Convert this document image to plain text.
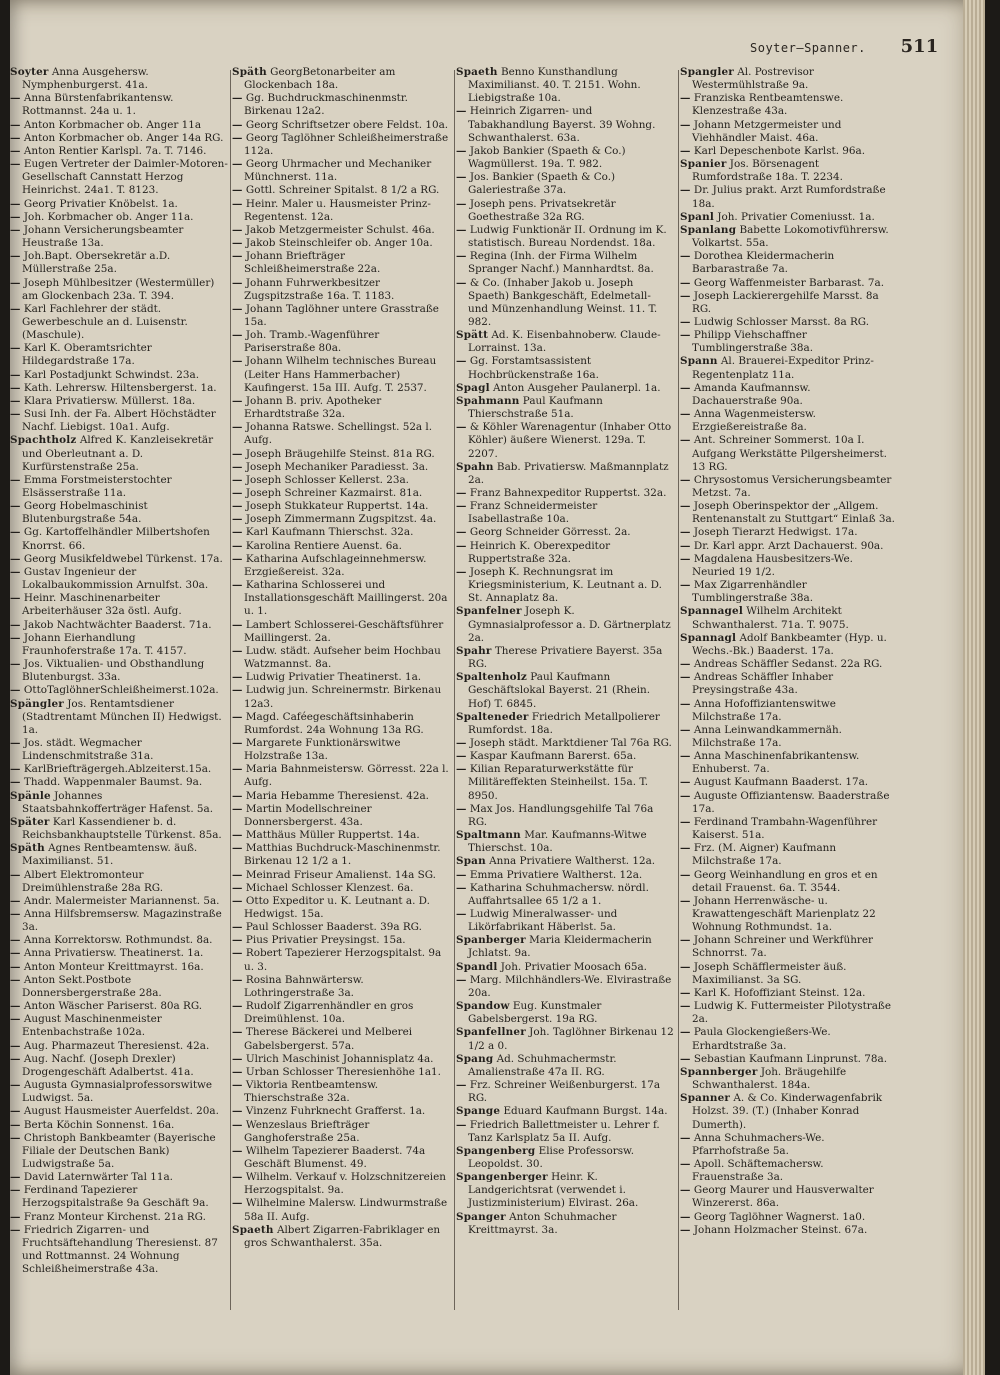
Soyter—Spanner. 511

Soyter Anna Ausgehersw. Nymphenburgerst. 41a.

— Anna Bürstenfabrikantensw. Rottmannst. 24a u. 1.

— Anton Korbmacher ob. Anger 11a

— Anton Korbmacher ob. Anger 14a RG.

— Anton Rentier Karlspl. 7a. T. 7146.

— Eugen Vertreter der Daimler-Motoren-Gesellschaft Cannstatt Herzog Heinrichst. 24a1. T. 8123.

— Georg Privatier Knöbelst. 1a.

— Joh. Korbmacher ob. Anger 11a.

— Johann Versicherungsbeamter Heustraße 13a.

— Joh.Bapt. Obersekretär a.D. Müllerstraße 25a.

— Joseph Mühlbesitzer (Westermüller) am Glockenbach 23a. T. 394.

— Karl Fachlehrer der städt. Gewerbeschule an d. Luisenstr. (Maschule).

— Karl K. Oberamtsrichter Hildegardstraße 17a.

— Karl Postadjunkt Schwindst. 23a.

— Kath. Lehrersw. Hiltensbergerst. 1a.

— Klara Privatiersw. Müllerst. 18a.

— Susi Inh. der Fa. Albert Höchstädter Nachf. Liebigst. 10a1. Aufg.

Spachtholz Alfred K. Kanzleisekretär und Oberleutnant a. D. Kurfürstenstraße 25a.

— Emma Forstmeisterstochter Elsässerstraße 11a.

— Georg Hobelmaschinist Blutenburgstraße 54a.

— Gg. Kartoffelhändler Milbertshofen Knorrst. 66.

— Georg Musikfeldwebel Türkenst. 17a.

— Gustav Ingenieur der Lokalbaukommission Arnulfst. 30a.

— Heinr. Maschinenarbeiter Arbeiterhäuser 32a östl. Aufg.

— Jakob Nachtwächter Baaderst. 71a.

— Johann Eierhandlung Fraunhoferstraße 17a. T. 4157.

— Jos. Viktualien- und Obsthandlung Blutenburgst. 33a.

— OttoTaglöhnerSchleißheimerst.102a.

Spängler Jos. Rentamtsdiener (Stadtrentamt München II) Hedwigst. 1a.

— Jos. städt. Wegmacher Lindenschmitstraße 31a.

— KarlBriefträgergeh.Ablzeiterst.15a.

— Thadd. Wappenmaler Baumst. 9a.

Spänle Johannes Staatsbahnkofferträger Hafenst. 5a.

Später Karl Kassendiener b. d. Reichsbankhauptstelle Türkenst. 85a.

Späth Agnes Rentbeamtensw. äuß. Maximilianst. 51.

— Albert Elektromonteur Dreimühlenstraße 28a RG.

— Andr. Malermeister Mariannenst. 5a.

— Anna Hilfsbremsersw. Magazinstraße 3a.

— Anna Korrektorsw. Rothmundst. 8a.

— Anna Privatiersw. Theatinerst. 1a.

— Anton Monteur Kreittmayrst. 16a.

— Anton Sekt.Postbote Donnersbergerstraße 28a.

— Anton Wäscher Pariserst. 80a RG.

— August Maschinenmeister Entenbachstraße 102a.

— Aug. Pharmazeut Theresienst. 42a.

— Aug. Nachf. (Joseph Drexler) Drogengeschäft Adalbertst. 41a.

— Augusta Gymnasialprofessorswitwe Ludwigst. 5a.

— August Hausmeister Auerfeldst. 20a.

— Berta Köchin Sonnenst. 16a.

— Christoph Bankbeamter (Bayerische Filiale der Deutschen Bank) Ludwigstraße 5a.

— David Laternwärter Tal 11a.

— Ferdinand Tapezierer Herzogspitalstraße 9a Geschäft 9a.

— Franz Monteur Kirchenst. 21a RG.

— Friedrich Zigarren- und Fruchtsäftehandlung Theresienst. 87 und Rottmannst. 24 Wohnung Schleißheimerstraße 43a.

Späth GeorgBetonarbeiter am Glockenbach 18a.

— Gg. Buchdruckmaschinenmstr. Birkenau 12a2.

— Georg Schriftsetzer obere Feldst. 10a.

— Georg Taglöhner Schleißheimerstraße 112a.

— Georg Uhrmacher und Mechaniker Münchnerst. 11a.

— Gottl. Schreiner Spitalst. 8 1/2 a RG.

— Heinr. Maler u. Hausmeister Prinz-Regentenst. 12a.

— Jakob Metzgermeister Schulst. 46a.

— Jakob Steinschleifer ob. Anger 10a.

— Johann Briefträger Schleißheimerstraße 22a.

— Johann Fuhrwerkbesitzer Zugspitzstraße 16a. T. 1183.

— Johann Taglöhner untere Grasstraße 15a.

— Joh. Tramb.-Wagenführer Pariserstraße 80a.

— Johann Wilhelm technisches Bureau (Leiter Hans Hammerbacher) Kaufingerst. 15a III. Aufg. T. 2537.

— Johann B. priv. Apotheker Erhardtstraße 32a.

— Johanna Ratswe. Schellingst. 52a l. Aufg.

— Joseph Bräugehilfe Steinst. 81a RG.

— Joseph Mechaniker Paradiesst. 3a.

— Joseph Schlosser Kellerst. 23a.

— Joseph Schreiner Kazmairst. 81a.

— Joseph Stukkateur Ruppertst. 14a.

— Joseph Zimmermann Zugspitzst. 4a.

— Karl Kaufmann Thierschst. 32a.

— Karolina Rentiere Auenst. 6a.

— Katharina Aufschlageinnehmersw. Erzgießereist. 32a.

— Katharina Schlosserei und Installationsgeschäft Maillingerst. 20a u. 1.

— Lambert Schlosserei-Geschäftsführer Maillingerst. 2a.

— Ludw. städt. Aufseher beim Hochbau Watzmannst. 8a.

— Ludwig Privatier Theatinerst. 1a.

— Ludwig jun. Schreinermstr. Birkenau 12a3.

— Magd. Caféegeschäftsinhaberin Rumfordst. 24a Wohnung 13a RG.

— Margarete Funktionärswitwe Holzstraße 13a.

— Maria Bahnmeistersw. Görresst. 22a l. Aufg.

— Maria Hebamme Theresienst. 42a.

— Martin Modellschreiner Donnersbergerst. 43a.

— Matthäus Müller Ruppertst. 14a.

— Matthias Buchdruck-Maschinenmstr. Birkenau 12 1/2 a 1.

— Meinrad Friseur Amalienst. 14a SG.

— Michael Schlosser Klenzest. 6a.

— Otto Expeditor u. K. Leutnant a. D. Hedwigst. 15a.

— Paul Schlosser Baaderst. 39a RG.

— Pius Privatier Preysingst. 15a.

— Robert Tapezierer Herzogspitalst. 9a u. 3.

— Rosina Bahnwärtersw. Lothringerstraße 3a.

— Rudolf Zigarrenhändler en gros Dreimühlenst. 10a.

— Therese Bäckerei und Melberei Gabelsbergerst. 57a.

— Ulrich Maschinist Johannisplatz 4a.

— Urban Schlosser Theresienhöhe 1a1.

— Viktoria Rentbeamtensw. Thierschstraße 32a.

— Vinzenz Fuhrknecht Grafferst. 1a.

— Wenzeslaus Briefträger Ganghoferstraße 25a.

— Wilhelm Tapezierer Baaderst. 74a Geschäft Blumenst. 49.

— Wilhelm. Verkauf v. Holzschnitzereien Herzogspitalst. 9a.

— Wilhelmine Malersw. Lindwurmstraße 58a II. Aufg.

Spaeth Albert Zigarren-Fabriklager en gros Schwanthalerst. 35a.

Spaeth Benno Kunsthandlung Maximilianst. 40. T. 2151. Wohn. Liebigstraße 10a.

— Heinrich Zigarren- und Tabakhandlung Bayerst. 39 Wohng. Schwanthalerst. 63a.

— Jakob Bankier (Spaeth & Co.) Wagmüllerst. 19a. T. 982.

— Jos. Bankier (Spaeth & Co.) Galeriestraße 37a.

— Joseph pens. Privatsekretär Goethestraße 32a RG.

— Ludwig Funktionär II. Ordnung im K. statistisch. Bureau Nordendst. 18a.

— Regina (Inh. der Firma Wilhelm Spranger Nachf.) Mannhardtst. 8a.

— & Co. (Inhaber Jakob u. Joseph Spaeth) Bankgeschäft, Edelmetall- und Münzenhandlung Weinst. 11. T. 982.

Spätt Ad. K. Eisenbahnoberw. Claude-Lorrainst. 13a.

— Gg. Forstamtsassistent Hochbrückenstraße 16a.

Spagl Anton Ausgeher Paulanerpl. 1a.

Spahmann Paul Kaufmann Thierschstraße 51a.

— & Köhler Warenagentur (Inhaber Otto Köhler) äußere Wienerst. 129a. T. 2207.

Spahn Bab. Privatiersw. Maßmannplatz 2a.

— Franz Bahnexpeditor Ruppertst. 32a.

— Franz Schneidermeister Isabellastraße 10a.

— Georg Schneider Görresst. 2a.

— Heinrich K. Oberexpeditor Ruppertstraße 32a.

— Joseph K. Rechnungsrat im Kriegsministerium, K. Leutnant a. D. St. Annaplatz 8a.

Spanfelner Joseph K. Gymnasialprofessor a. D. Gärtnerplatz 2a.

Spahr Therese Privatiere Bayerst. 35a RG.

Spaltenholz Paul Kaufmann Geschäftslokal Bayerst. 21 (Rhein. Hof) T. 6845.

Spalteneder Friedrich Metallpolierer Rumfordst. 18a.

— Joseph städt. Marktdiener Tal 76a RG.

— Kaspar Kaufmann Barerst. 65a.

— Kilian Reparaturwerkstätte für Militäreffekten Steinheilst. 15a. T. 8950.

— Max Jos. Handlungsgehilfe Tal 76a RG.

Spaltmann Mar. Kaufmanns-Witwe Thierschst. 10a.

Span Anna Privatiere Waltherst. 12a.

— Emma Privatiere Waltherst. 12a.

— Katharina Schuhmachersw. nördl. Auffahrtsallee 65 1/2 a 1.

— Ludwig Mineralwasser- und Likörfabrikant Häberlst. 5a.

Spanberger Maria Kleidermacherin Jchlatst. 9a.

Spandl Joh. Privatier Moosach 65a.

— Marg. Milchhändlers-We. Elvirastraße 20a.

Spandow Eug. Kunstmaler Gabelsbergerst. 19a RG.

Spanfellner Joh. Taglöhner Birkenau 12 1/2 a 0.

Spang Ad. Schuhmachermstr. Amalienstraße 47a II. RG.

— Frz. Schreiner Weißenburgerst. 17a RG.

Spange Eduard Kaufmann Burgst. 14a.

— Friedrich Ballettmeister u. Lehrer f. Tanz Karlsplatz 5a II. Aufg.

Spangenberg Elise Professorsw. Leopoldst. 30.

Spangenberger Heinr. K. Landgerichtsrat (verwendet i. Justizministerium) Elvirast. 26a.

Spanger Anton Schuhmacher Kreittmayrst. 3a.

Spangler Al. Postrevisor Westermühlstraße 9a.

— Franziska Rentbeamtenswe. Klenzestraße 43a.

— Johann Metzgermeister und Viehhändler Maist. 46a.

— Karl Depeschenbote Karlst. 96a.

Spanier Jos. Börsenagent Rumfordstraße 18a. T. 2234.

— Dr. Julius prakt. Arzt Rumfordstraße 18a.

Spanl Joh. Privatier Comeniusst. 1a.

Spanlang Babette Lokomotivführersw. Volkartst. 55a.

— Dorothea Kleidermacherin Barbarastraße 7a.

— Georg Waffenmeister Barbarast. 7a.

— Joseph Lackierergehilfe Marsst. 8a RG.

— Ludwig Schlosser Marsst. 8a RG.

— Philipp Viehschaffner Tumblingerstraße 38a.

Spann Al. Brauerei-Expeditor Prinz-Regentenplatz 11a.

— Amanda Kaufmannsw. Dachauerstraße 90a.

— Anna Wagenmeistersw. Erzgießereistraße 8a.

— Ant. Schreiner Sommerst. 10a I. Aufgang Werkstätte Pilgersheimerst. 13 RG.

— Chrysostomus Versicherungsbeamter Metzst. 7a.

— Joseph Oberinspektor der „Allgem. Rentenanstalt zu Stuttgart“ Einlaß 3a.

— Joseph Tierarzt Hedwigst. 17a.

— Dr. Karl appr. Arzt Dachauerst. 90a.

— Magdalena Hausbesitzers-We. Neuried 19 1/2.

— Max Zigarrenhändler Tumblingerstraße 38a.

Spannagel Wilhelm Architekt Schwanthalerst. 71a. T. 9075.

Spannagl Adolf Bankbeamter (Hyp. u. Wechs.-Bk.) Baaderst. 17a.

— Andreas Schäffler Sedanst. 22a RG.

— Andreas Schäffler Inhaber Preysingstraße 43a.

— Anna Hofoffiziantenswitwe Milchstraße 17a.

— Anna Leinwandkammernäh. Milchstraße 17a.

— Anna Maschinenfabrikantensw. Enhuberst. 7a.

— August Kaufmann Baaderst. 17a.

— Auguste Offiziantensw. Baaderstraße 17a.

— Ferdinand Trambahn-Wagenführer Kaiserst. 51a.

— Frz. (M. Aigner) Kaufmann Milchstraße 17a.

— Georg Weinhandlung en gros et en detail Frauenst. 6a. T. 3544.

— Johann Herrenwäsche- u. Krawattengeschäft Marienplatz 22 Wohnung Rothmundst. 1a.

— Johann Schreiner und Werkführer Schnorrst. 7a.

— Joseph Schäfflermeister äuß. Maximilianst. 3a SG.

— Karl K. Hofoffiziant Steinst. 12a.

— Ludwig K. Futtermeister Pilotystraße 2a.

— Paula Glockengießers-We. Erhardtstraße 3a.

— Sebastian Kaufmann Linprunst. 78a.

Spannberger Joh. Bräugehilfe Schwanthalerst. 184a.

Spanner A. & Co. Kinderwagenfabrik Holzst. 39. (T.) (Inhaber Konrad Dumerth).

— Anna Schuhmachers-We. Pfarrhofstraße 5a.

— Apoll. Schäftemachersw. Frauenstraße 3a.

— Georg Maurer und Hausverwalter Winzererst. 86a.

— Georg Taglöhner Wagnerst. 1a0.

— Johann Holzmacher Steinst. 67a.
